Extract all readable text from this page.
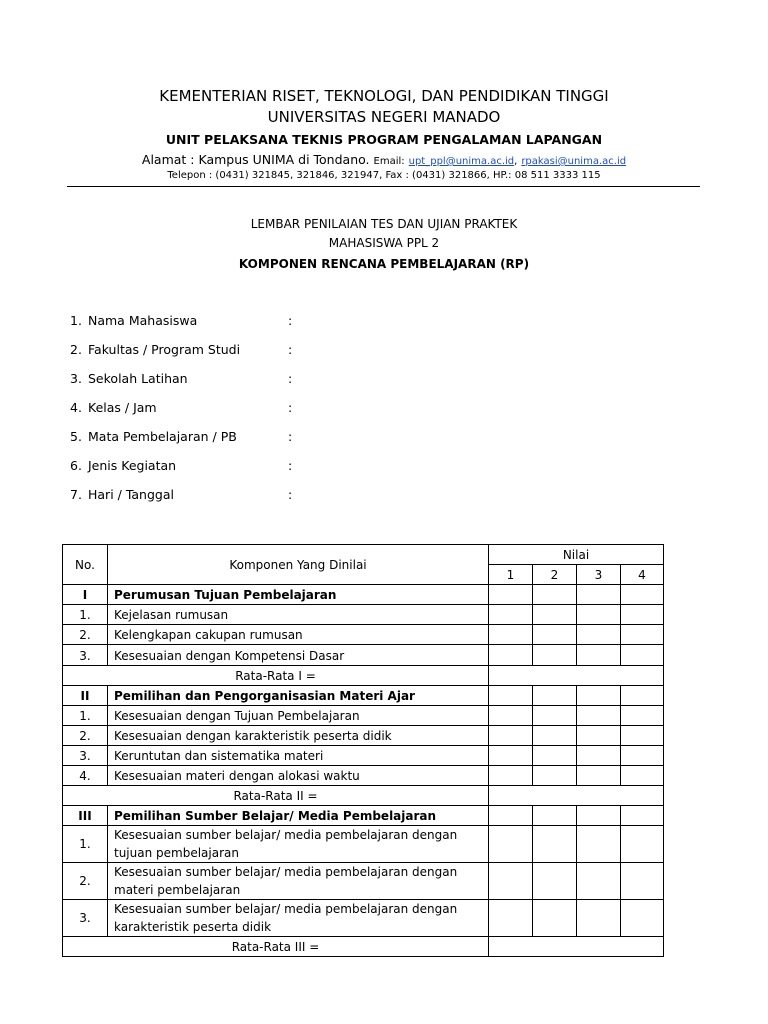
KEMENTERIAN RISET, TEKNOLOGI, DAN PENDIDIKAN TINGGI
UNIVERSITAS NEGERI MANADO
UNIT PELAKSANA TEKNIS PROGRAM PENGALAMAN LAPANGAN
Alamat : Kampus UNIMA di Tondano. Email: upt_ppl@unima.ac.id, rpakasi@unima.ac.id
Telepon : (0431) 321845, 321846, 321947, Fax : (0431) 321866, HP.: 08 511 3333 115
LEMBAR PENILAIAN TES DAN UJIAN PRAKTEK
MAHASISWA PPL 2
KOMPONEN RENCANA PEMBELAJARAN (RP)
1. Nama Mahasiswa	:
2. Fakultas / Program Studi	:
3. Sekolah Latihan	:
4. Kelas / Jam	:
5. Mata Pembelajaran / PB	:
6. Jenis Kegiatan	:
7. Hari / Tanggal	:
No.	Komponen Yang Dinilai	Nilai			
		1	2	3	4
I	Perumusan Tujuan Pembelajaran				
1.	Kejelasan rumusan				
2.	Kelengkapan cakupan rumusan				
3.	Kesesuaian dengan Kompetensi Dasar				
Rata-Rata I =					
II	Pemilihan dan Pengorganisasian Materi Ajar				
1.	Kesesuaian dengan Tujuan Pembelajaran				
2.	Kesesuaian dengan karakteristik peserta didik				
3.	Keruntutan dan sistematika materi				
4.	Kesesuaian materi dengan alokasi waktu				
Rata-Rata II =					
III	Pemilihan Sumber Belajar/ Media Pembelajaran				
1.	Kesesuaian sumber belajar/ media pembelajaran dengan
tujuan pembelajaran				
2.	Kesesuaian sumber belajar/ media pembelajaran dengan
materi pembelajaran				
3.	Kesesuaian sumber belajar/ media pembelajaran dengan
karakteristik peserta didik				
Rata-Rata III =					
